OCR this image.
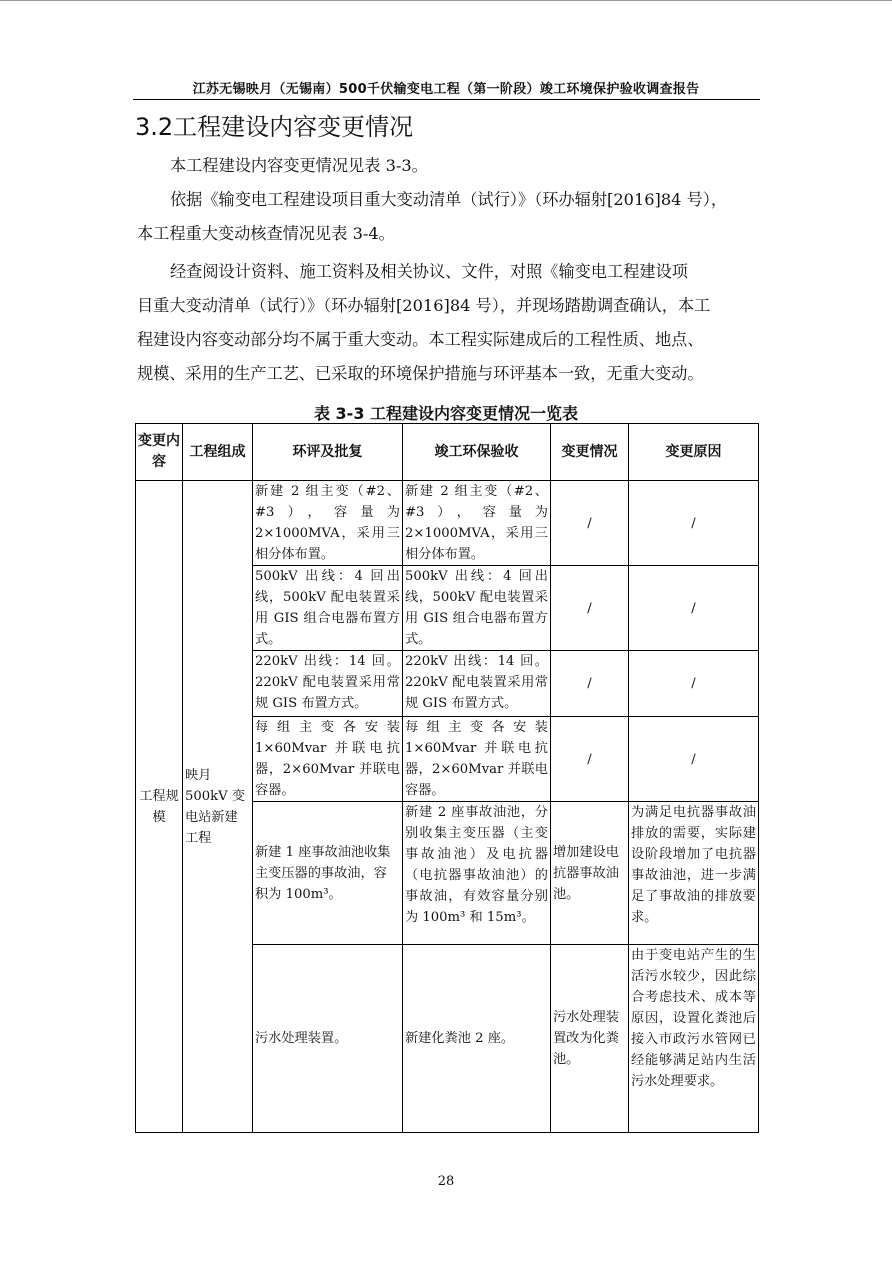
江苏无锡映月（无锡南）500千伏输变电工程（第一阶段）竣工环境保护验收调查报告
3.2工程建设内容变更情况
本工程建设内容变更情况见表 3-3。
依据《输变电工程建设项目重大变动清单（试行）》（环办辐射[2016]84 号），
本工程重大变动核查情况见表 3-4。
经查阅设计资料、施工资料及相关协议、文件，对照《输变电工程建设项
目重大变动清单（试行）》（环办辐射[2016]84 号），并现场踏勘调查确认，本工
程建设内容变动部分均不属于重大变动。本工程实际建成后的工程性质、地点、
规模、采用的生产工艺、已采取的环境保护措施与环评基本一致，无重大变动。
表 3-3 工程建设内容变更情况一览表
变更内容	工程组成	环评及批复	竣工环保验收	变更情况	变更原因
工程规模	映月500kV 变电站新建工程	新建 2 组主变（#2、#3），容量为 2×1000MVA，采用三相分体布置。	新建 2 组主变（#2、#3），容量为 2×1000MVA，采用三相分体布置。	/	/
		500kV 出线：4 回出线，500kV 配电装置采用 GIS 组合电器布置方式。	500kV 出线：4 回出线，500kV 配电装置采用 GIS 组合电器布置方式。	/	/
		220kV 出线：14 回。220kV 配电装置采用常规 GIS 布置方式。	220kV 出线：14 回。220kV 配电装置采用常规 GIS 布置方式。	/	/
		每组主变各安装 1×60Mvar 并联电抗器，2×60Mvar 并联电容器。	每组主变各安装 1×60Mvar 并联电抗器，2×60Mvar 并联电容器。	/	/
		新建 1 座事故油池收集主变压器的事故油，容积为 100m³。	新建 2 座事故油池，分别收集主变压器（主变事故油池）及电抗器（电抗器事故油池）的事故油，有效容量分别为 100m³ 和 15m³。	增加建设电抗器事故油池。	为满足电抗器事故油排放的需要，实际建设阶段增加了电抗器事故油池，进一步满足了事故油的排放要求。
		污水处理装置。	新建化粪池 2 座。	污水处理装置改为化粪池。	由于变电站产生的生活污水较少，因此综合考虑技术、成本等原因，设置化粪池后接入市政污水管网已经能够满足站内生活污水处理要求。
28
